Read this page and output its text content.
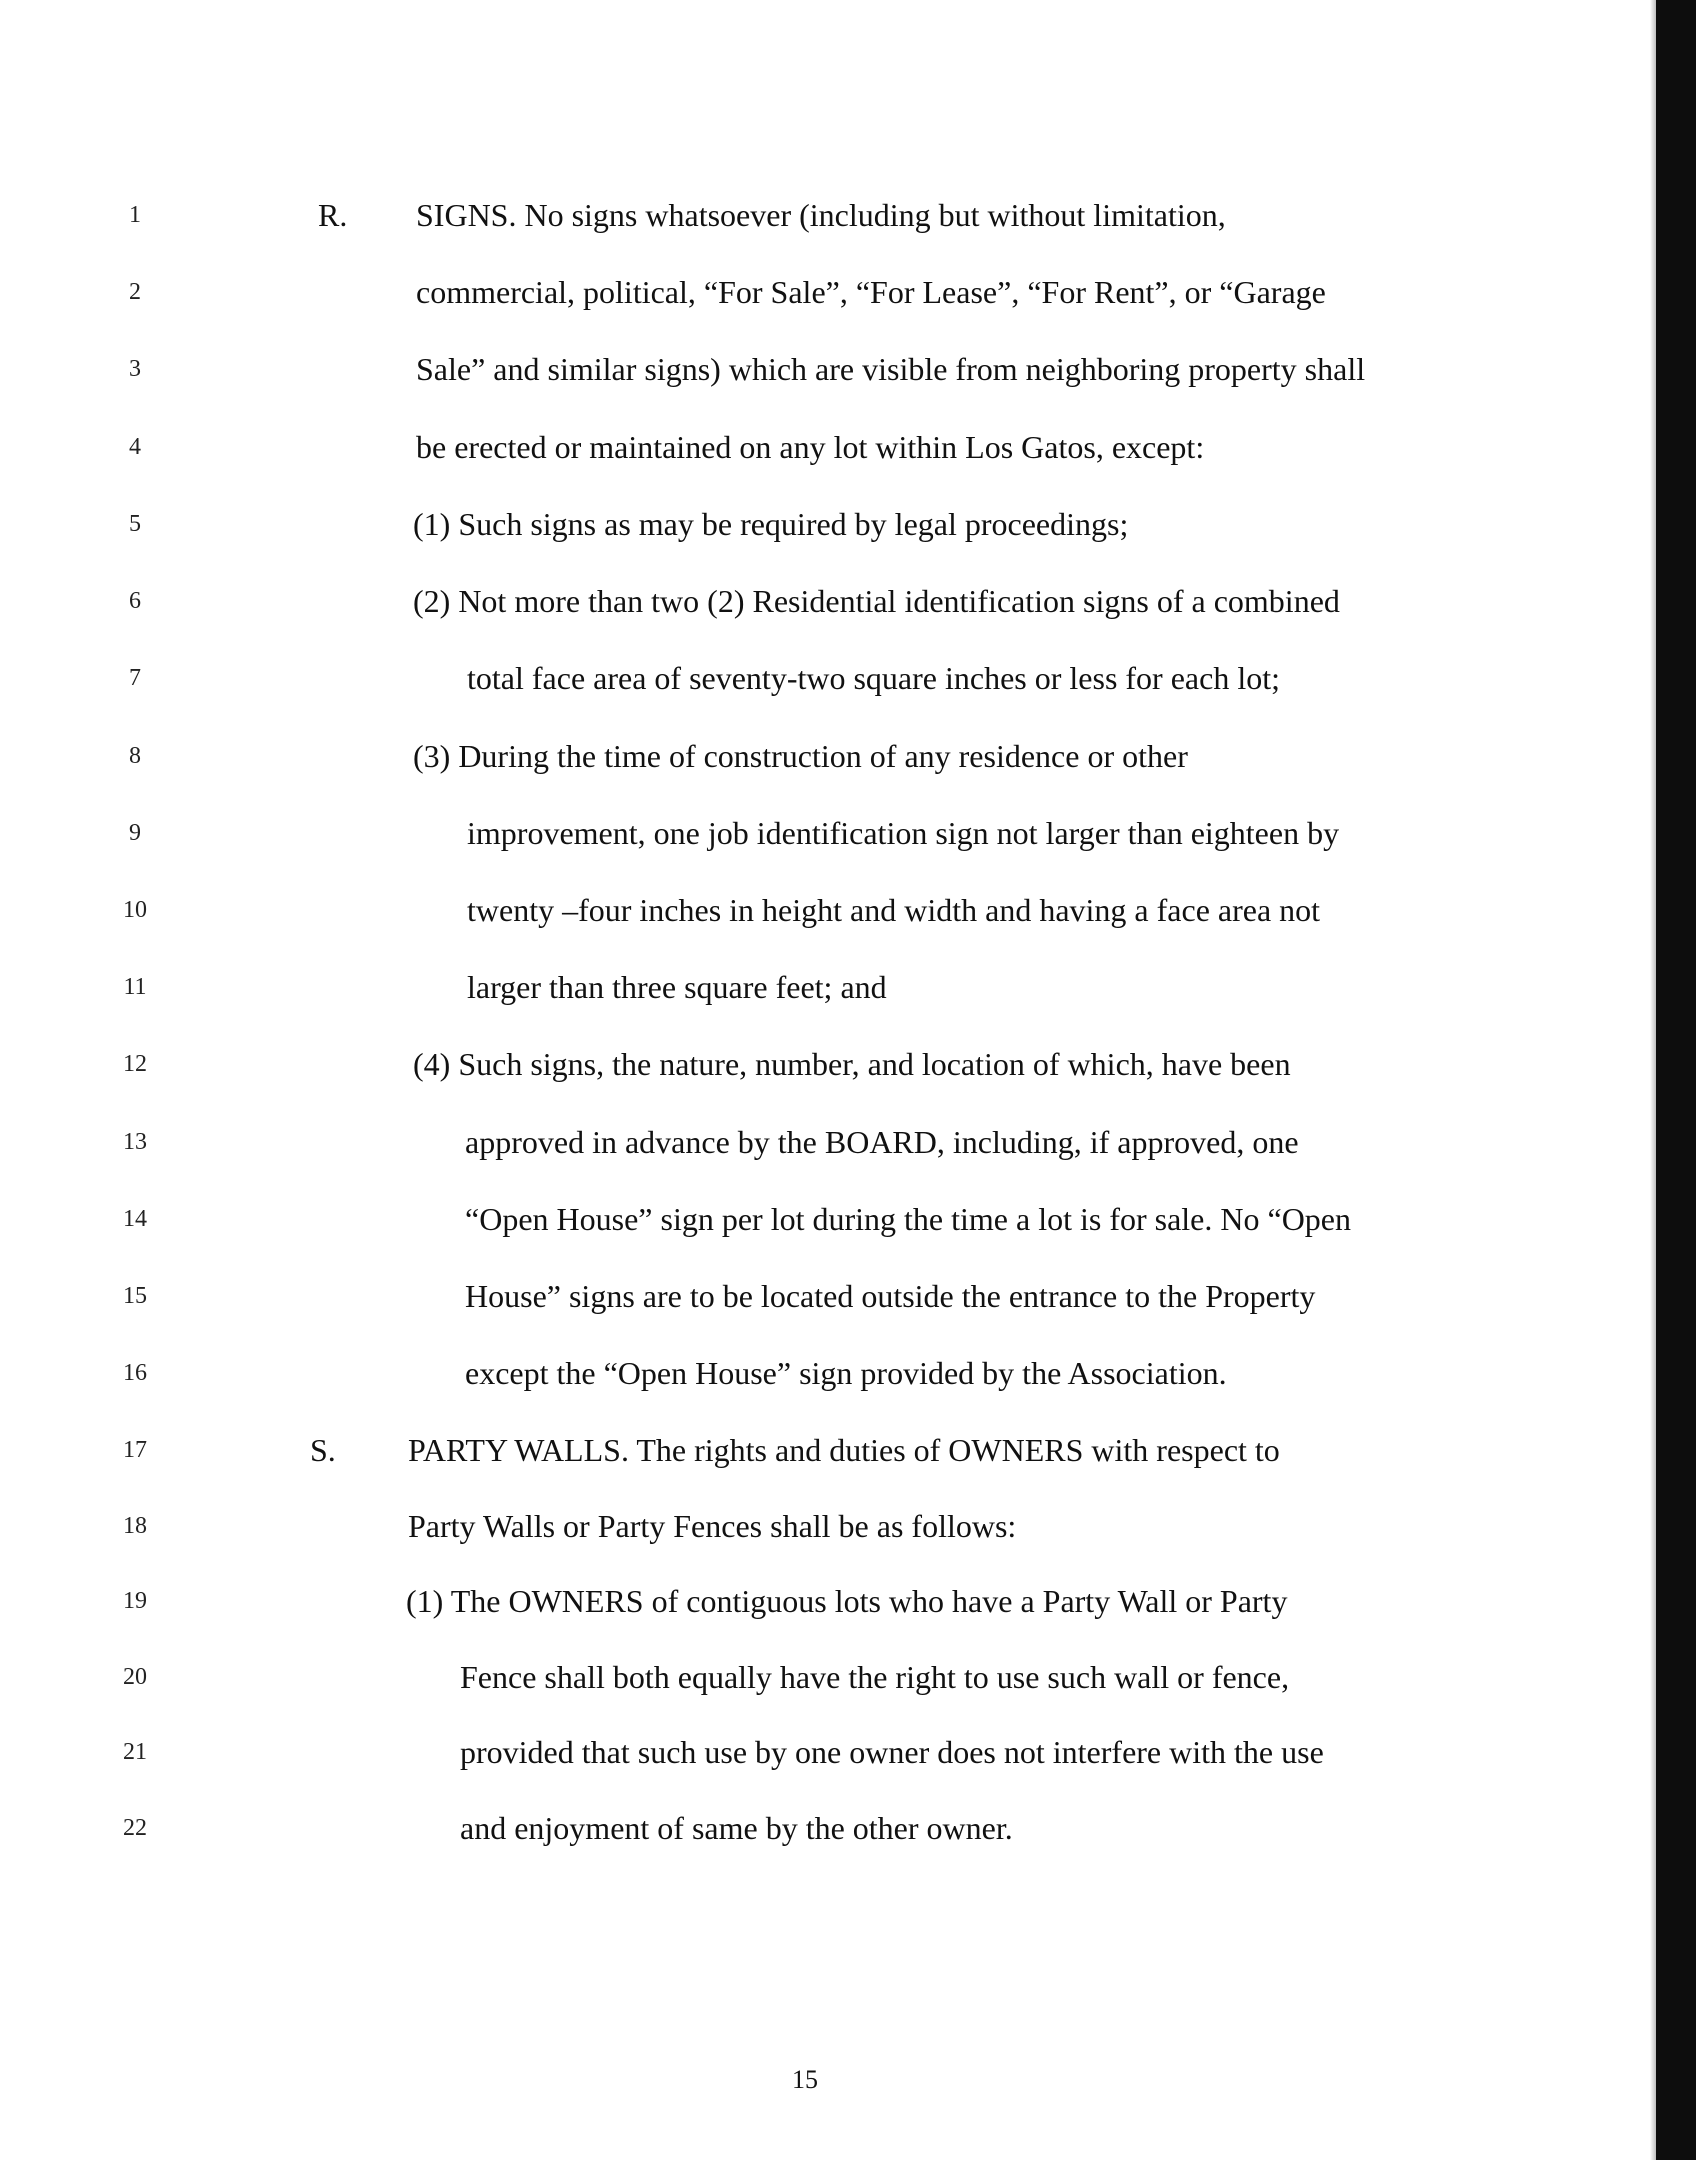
1	R. SIGNS. No signs whatsoever (including but without limitation,
2	commercial, political, “For Sale”, “For Lease”, “For Rent”, or “Garage
3	Sale” and similar signs) which are visible from neighboring property shall
4	be erected or maintained on any lot within Los Gatos, except:
5	(1) Such signs as may be required by legal proceedings;
6	(2) Not more than two (2) Residential identification signs of a combined
7	total face area of seventy-two square inches or less for each lot;
8	(3) During the time of construction of any residence or other
9	improvement, one job identification sign not larger than eighteen by
10	twenty –four inches in height and width and having a face area not
11	larger than three square feet; and
12	(4) Such signs, the nature, number, and location of which, have been
13	approved in advance by the BOARD, including, if approved, one
14	“Open House” sign per lot during the time a lot is for sale. No “Open
15	House” signs are to be located outside the entrance to the Property
16	except the “Open House” sign provided by the Association.
17	S. PARTY WALLS. The rights and duties of OWNERS with respect to
18	Party Walls or Party Fences shall be as follows:
19	(1) The OWNERS of contiguous lots who have a Party Wall or Party
20	Fence shall both equally have the right to use such wall or fence,
21	provided that such use by one owner does not interfere with the use
22	and enjoyment of same by the other owner.
15
